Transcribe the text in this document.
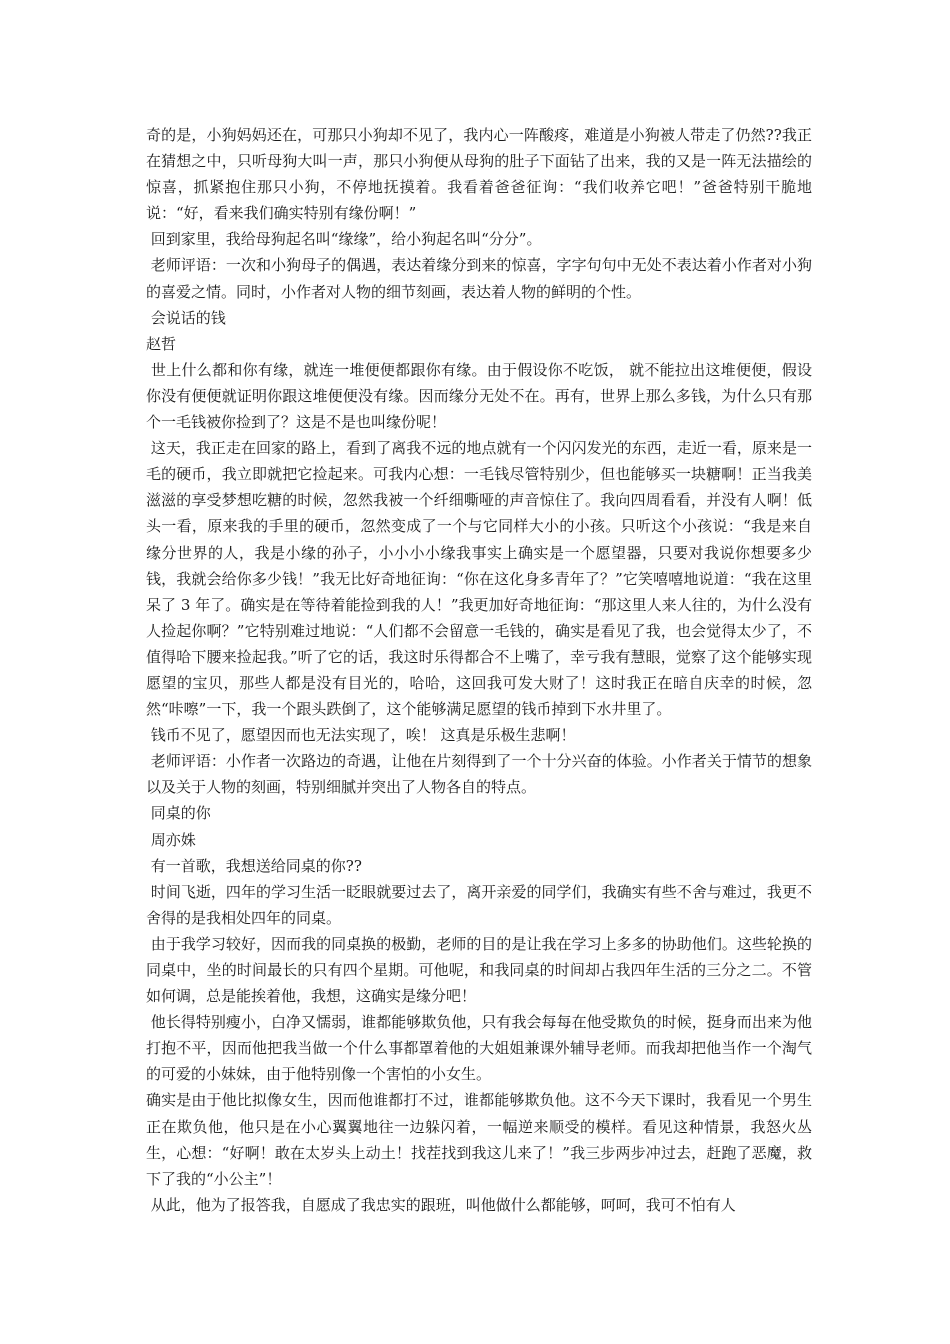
奇的是，小狗妈妈还在，可那只小狗却不见了，我内心一阵酸疼，难道是小狗被人带走了仍然??我正在猜想之中，只听母狗大叫一声，那只小狗便从母狗的肚子下面钻了出来，我的又是一阵无法描绘的惊喜，抓紧抱住那只小狗，不停地抚摸着。我看着爸爸征询：“我们收养它吧！”爸爸特别干脆地说：“好，看来我们确实特别有缘份啊！”

回到家里，我给母狗起名叫“缘缘”，给小狗起名叫“分分”。

老师评语：一次和小狗母子的偶遇，表达着缘分到来的惊喜，字字句句中无处不表达着小作者对小狗的喜爱之情。同时，小作者对人物的细节刻画，表达着人物的鲜明的个性。

会说话的钱

赵哲

世上什么都和你有缘，就连一堆便便都跟你有缘。由于假设你不吃饭， 就不能拉出这堆便便，假设你没有便便就证明你跟这堆便便没有缘。因而缘分无处不在。再有，世界上那么多钱，为什么只有那个一毛钱被你捡到了？这是不是也叫缘份呢！

这天，我正走在回家的路上，看到了离我不远的地点就有一个闪闪发光的东西，走近一看，原来是一毛的硬币，我立即就把它捡起来。可我内心想：一毛钱尽管特别少，但也能够买一块糖啊！正当我美滋滋的享受梦想吃糖的时候，忽然我被一个纤细嘶哑的声音惊住了。我向四周看看，并没有人啊！低头一看，原来我的手里的硬币，忽然变成了一个与它同样大小的小孩。只听这个小孩说：“我是来自缘分世界的人，我是小缘的孙子，小小小小缘我事实上确实是一个愿望器，只要对我说你想要多少钱，我就会给你多少钱！”我无比好奇地征询：“你在这化身多青年了？”它笑嘻嘻地说道：“我在这里呆了 3 年了。确实是在等待着能捡到我的人！”我更加好奇地征询：“那这里人来人往的，为什么没有人捡起你啊？”它特别难过地说：“人们都不会留意一毛钱的，确实是看见了我，也会觉得太少了，不值得哈下腰来捡起我。”听了它的话，我这时乐得都合不上嘴了，幸亏我有慧眼，觉察了这个能够实现愿望的宝贝，那些人都是没有目光的，哈哈，这回我可发大财了！这时我正在暗自庆幸的时候，忽然“咔嚓”一下，我一个跟头跌倒了，这个能够满足愿望的钱币掉到下水井里了。

钱币不见了，愿望因而也无法实现了，唉！ 这真是乐极生悲啊！

老师评语：小作者一次路边的奇遇，让他在片刻得到了一个十分兴奋的体验。小作者关于情节的想象以及关于人物的刻画，特别细腻并突出了人物各自的特点。

同桌的你

周亦姝

有一首歌，我想送给同桌的你??

时间飞逝，四年的学习生活一眨眼就要过去了，离开亲爱的同学们，我确实有些不舍与难过，我更不舍得的是我相处四年的同桌。

由于我学习较好，因而我的同桌换的极勤，老师的目的是让我在学习上多多的协助他们。这些轮换的同桌中，坐的时间最长的只有四个星期。可他呢，和我同桌的时间却占我四年生活的三分之二。不管如何调，总是能挨着他，我想，这确实是缘分吧！

他长得特别瘦小，白净又懦弱，谁都能够欺负他，只有我会每每在他受欺负的时候，挺身而出来为他打抱不平，因而他把我当做一个什么事都罩着他的大姐姐兼课外辅导老师。而我却把他当作一个淘气的可爱的小妹妹，由于他特别像一个害怕的小女生。

确实是由于他比拟像女生，因而他谁都打不过，谁都能够欺负他。这不今天下课时，我看见一个男生正在欺负他，他只是在小心翼翼地往一边躲闪着，一幅逆来顺受的模样。看见这种情景，我怒火丛生，心想：“好啊！敢在太岁头上动土！找茬找到我这儿来了！”我三步两步冲过去，赶跑了恶魔，救下了我的“小公主”！

从此，他为了报答我，自愿成了我忠实的跟班，叫他做什么都能够，呵呵，我可不怕有人
